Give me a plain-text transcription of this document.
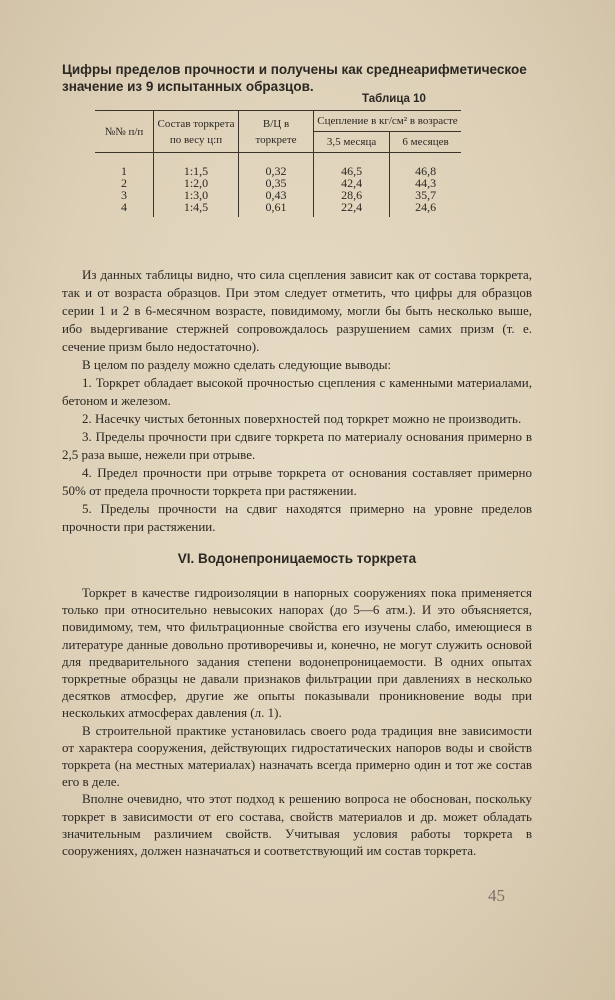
Цифры пределов прочности и получены как среднеарифметическое значение из 9 испытанных образцов.
Таблица 10
№№ п/п	Состав торкрета по весу ц:п	В/Ц в торкрете	Сцепление в кг/см² в возрасте	
			3,5 месяца	6 месяцев
1	1:1,5	0,32	46,5	46,8
2	1:2,0	0,35	42,4	44,3
3	1:3,0	0,43	28,6	35,7
4	1:4,5	0,61	22,4	24,6

Из данных таблицы видно, что сила сцепления зависит как от состава торкрета, так и от возраста образцов. При этом следует отметить, что цифры для образцов серии 1 и 2 в 6-месячном возрасте, повидимому, могли бы быть несколько выше, ибо выдергивание стержней сопровождалось разрушением самих призм (т. е. сечение призм было недостаточно).

В целом по разделу можно сделать следующие выводы:

1. Торкрет обладает высокой прочностью сцепления с каменными материалами, бетоном и железом.

2. Насечку чистых бетонных поверхностей под торкрет можно не производить.

3. Пределы прочности при сдвиге торкрета по материалу основания примерно в 2,5 раза выше, нежели при отрыве.

4. Предел прочности при отрыве торкрета от основания составляет примерно 50% от предела прочности торкрета при растяжении.

5. Пределы прочности на сдвиг находятся примерно на уровне пределов прочности при растяжении.

VI. Водонепроницаемость торкрета

Торкрет в качестве гидроизоляции в напорных сооружениях пока применяется только при относительно невысоких напорах (до 5—6 атм.). И это объясняется, повидимому, тем, что фильтрационные свойства его изучены слабо, имеющиеся в литературе данные довольно противоречивы и, конечно, не могут служить основой для предварительного задания степени водонепроницаемости. В одних опытах торкретные образцы не давали признаков фильтрации при давлениях в несколько десятков атмосфер, другие же опыты показывали проникновение воды при нескольких атмосферах давления (л. 1).

В строительной практике установилась своего рода традиция вне зависимости от характера сооружения, действующих гидростатических напоров воды и свойств торкрета (на местных материалах) назначать всегда примерно один и тот же состав его в деле.

Вполне очевидно, что этот подход к решению вопроса не обоснован, поскольку торкрет в зависимости от его состава, свойств материалов и др. может обладать значительным различием свойств. Учитывая условия работы торкрета в сооружениях, должен назначаться и соответствующий им состав торкрета.

45
